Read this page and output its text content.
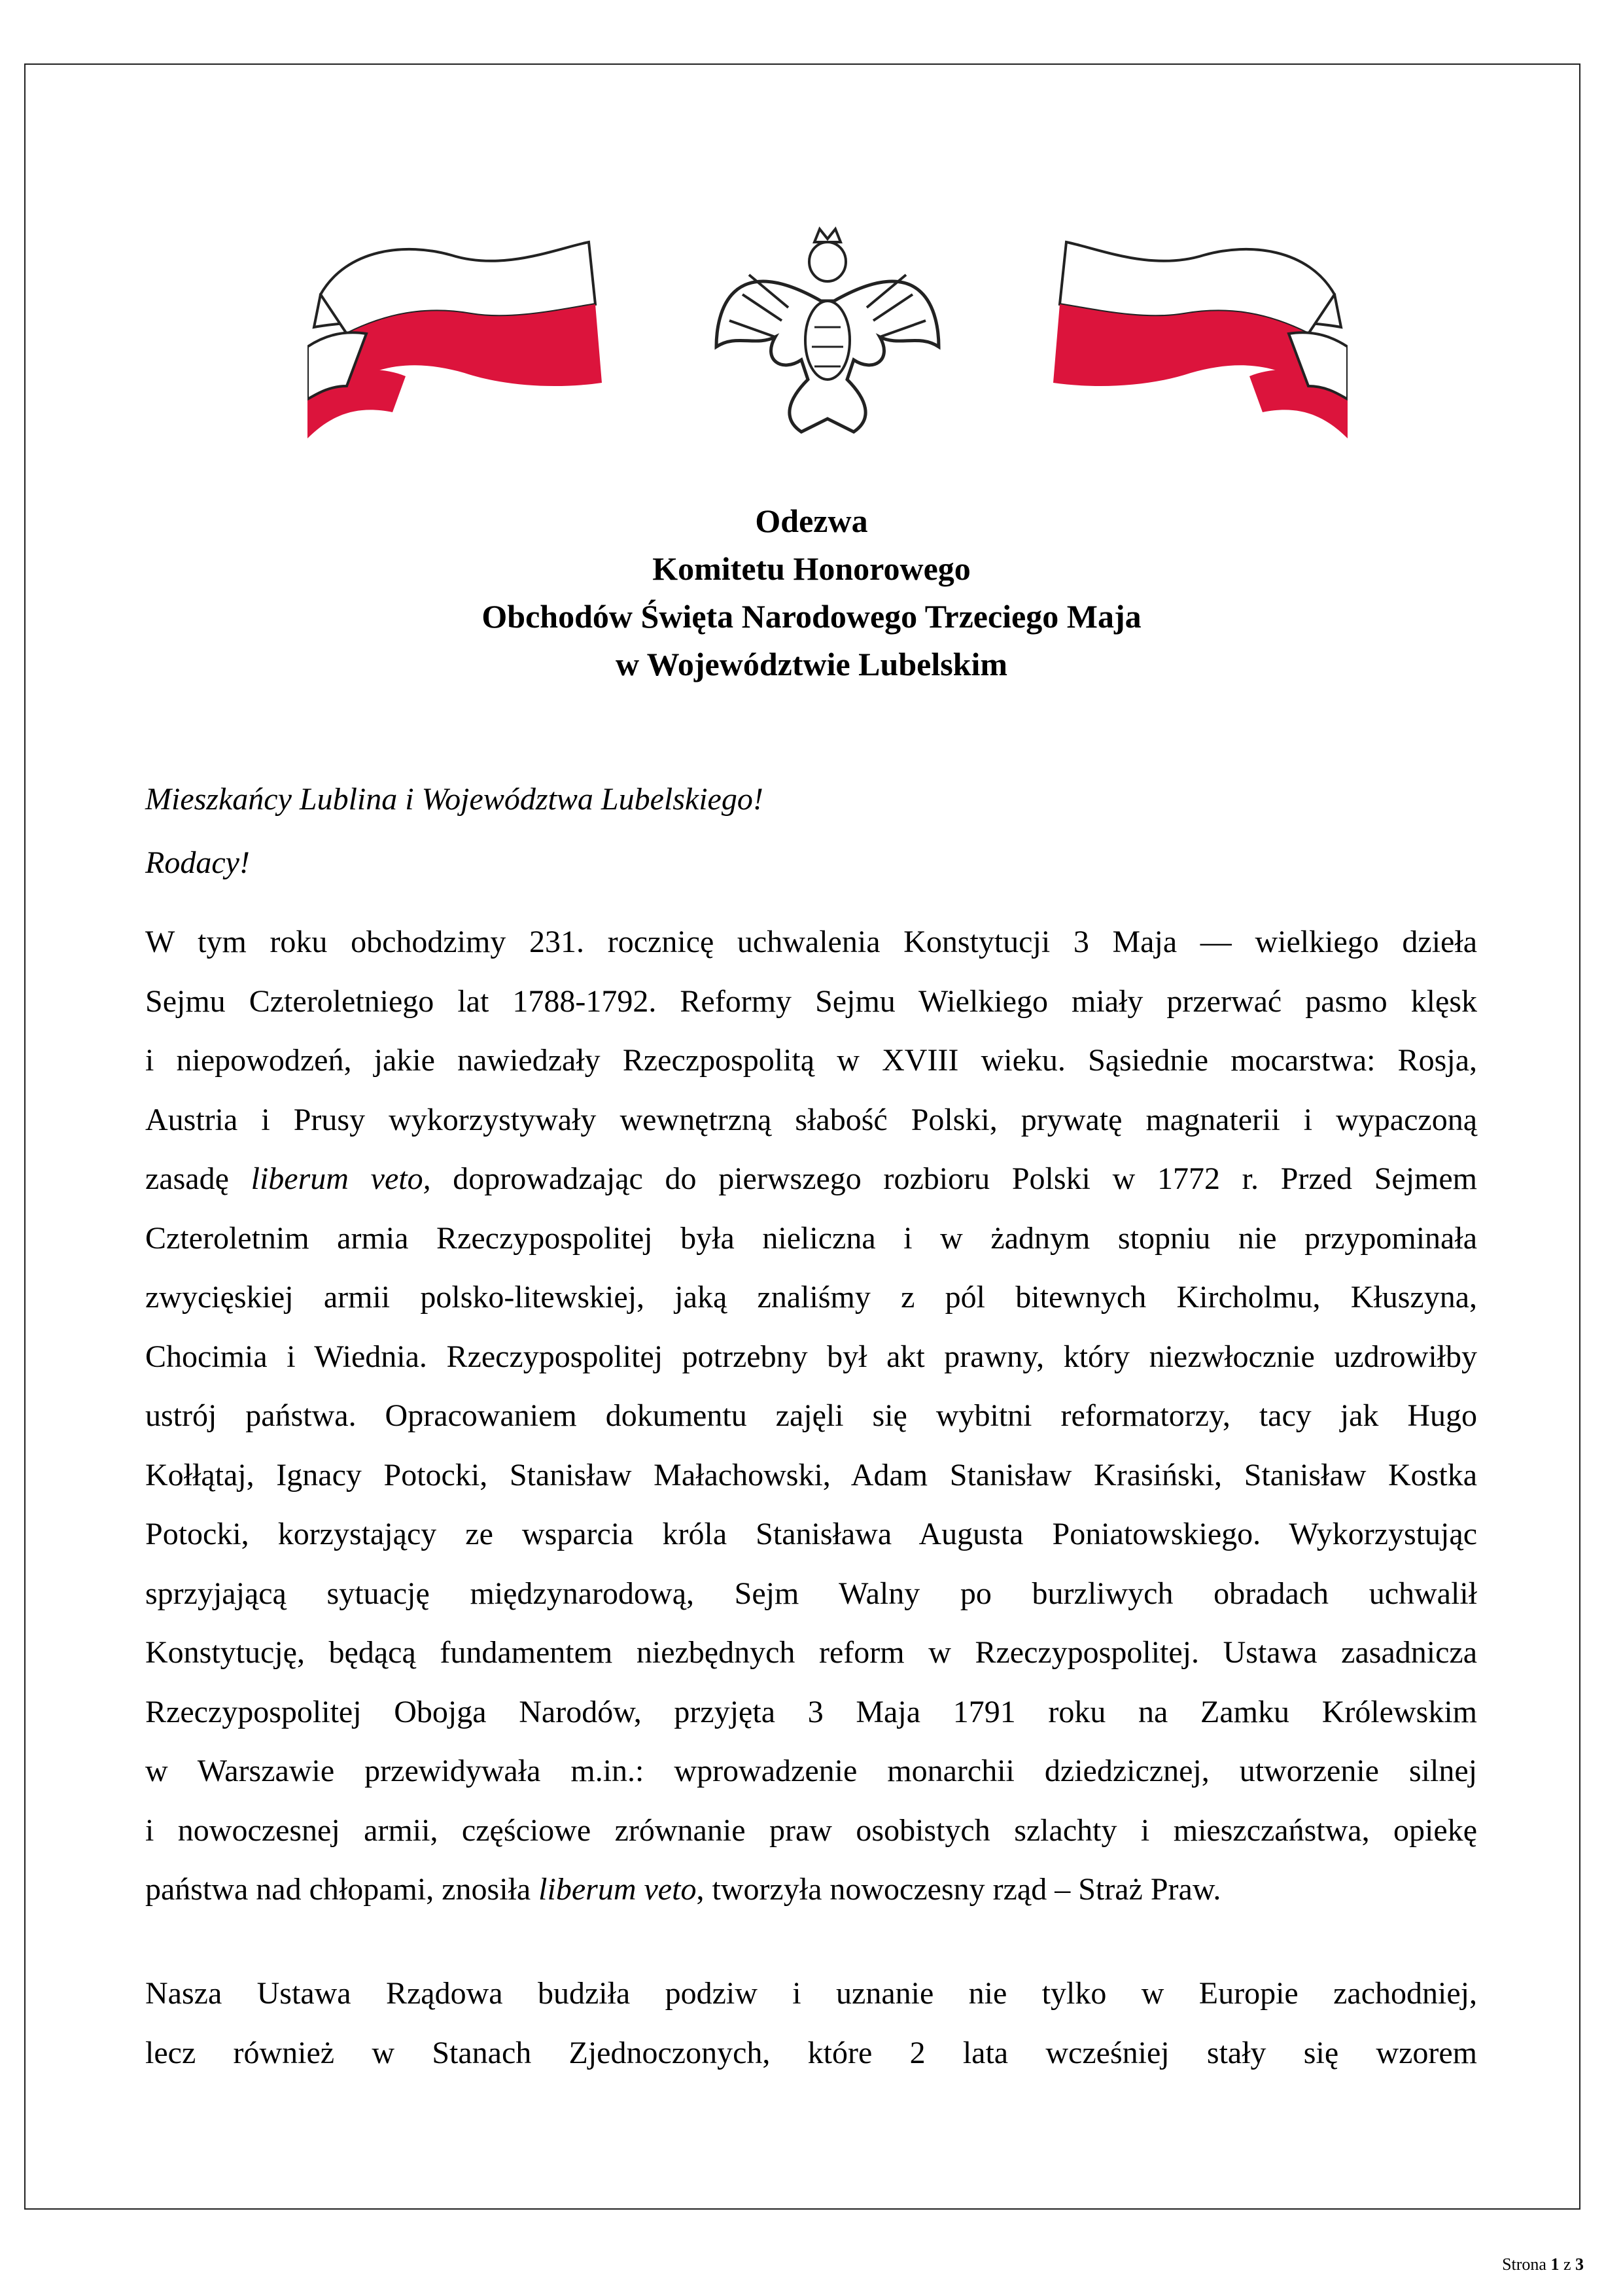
Odezwa
Komitetu Honorowego
Obchodów Święta Narodowego Trzeciego Maja
w Województwie Lubelskim
Mieszkańcy Lublina i Województwa Lubelskiego!
Rodacy!
W tym roku obchodzimy 231. rocznicę uchwalenia Konstytucji 3 Maja — wielkiego dzieła
Sejmu Czteroletniego lat 1788-1792. Reformy Sejmu Wielkiego miały przerwać pasmo klęsk
i niepowodzeń, jakie nawiedzały Rzeczpospolitą w XVIII wieku. Sąsiednie mocarstwa: Rosja,
Austria i Prusy wykorzystywały wewnętrzną słabość Polski, prywatę magnaterii i wypaczoną
zasadę liberum veto, doprowadzając do pierwszego rozbioru Polski w 1772 r. Przed Sejmem
Czteroletnim armia Rzeczypospolitej była nieliczna i w żadnym stopniu nie przypominała
zwycięskiej armii polsko-litewskiej, jaką znaliśmy z pól bitewnych Kircholmu, Kłuszyna,
Chocimia i Wiednia. Rzeczypospolitej potrzebny był akt prawny, który niezwłocznie uzdrowiłby
ustrój państwa. Opracowaniem dokumentu zajęli się wybitni reformatorzy, tacy jak Hugo
Kołłątaj, Ignacy Potocki, Stanisław Małachowski, Adam Stanisław Krasiński, Stanisław Kostka
Potocki, korzystający ze wsparcia króla Stanisława Augusta Poniatowskiego. Wykorzystując
sprzyjającą sytuację międzynarodową, Sejm Walny po burzliwych obradach uchwalił
Konstytucję, będącą fundamentem niezbędnych reform w Rzeczypospolitej. Ustawa zasadnicza
Rzeczypospolitej Obojga Narodów, przyjęta 3 Maja 1791 roku na Zamku Królewskim
w Warszawie przewidywała m.in.: wprowadzenie monarchii dziedzicznej, utworzenie silnej
i nowoczesnej armii, częściowe zrównanie praw osobistych szlachty i mieszczaństwa, opiekę
państwa nad chłopami, znosiła liberum veto, tworzyła nowoczesny rząd – Straż Praw.
Nasza Ustawa Rządowa budziła podziw i uznanie nie tylko w Europie zachodniej,
lecz również w Stanach Zjednoczonych, które 2 lata wcześniej stały się wzorem
Strona 1 z 3
